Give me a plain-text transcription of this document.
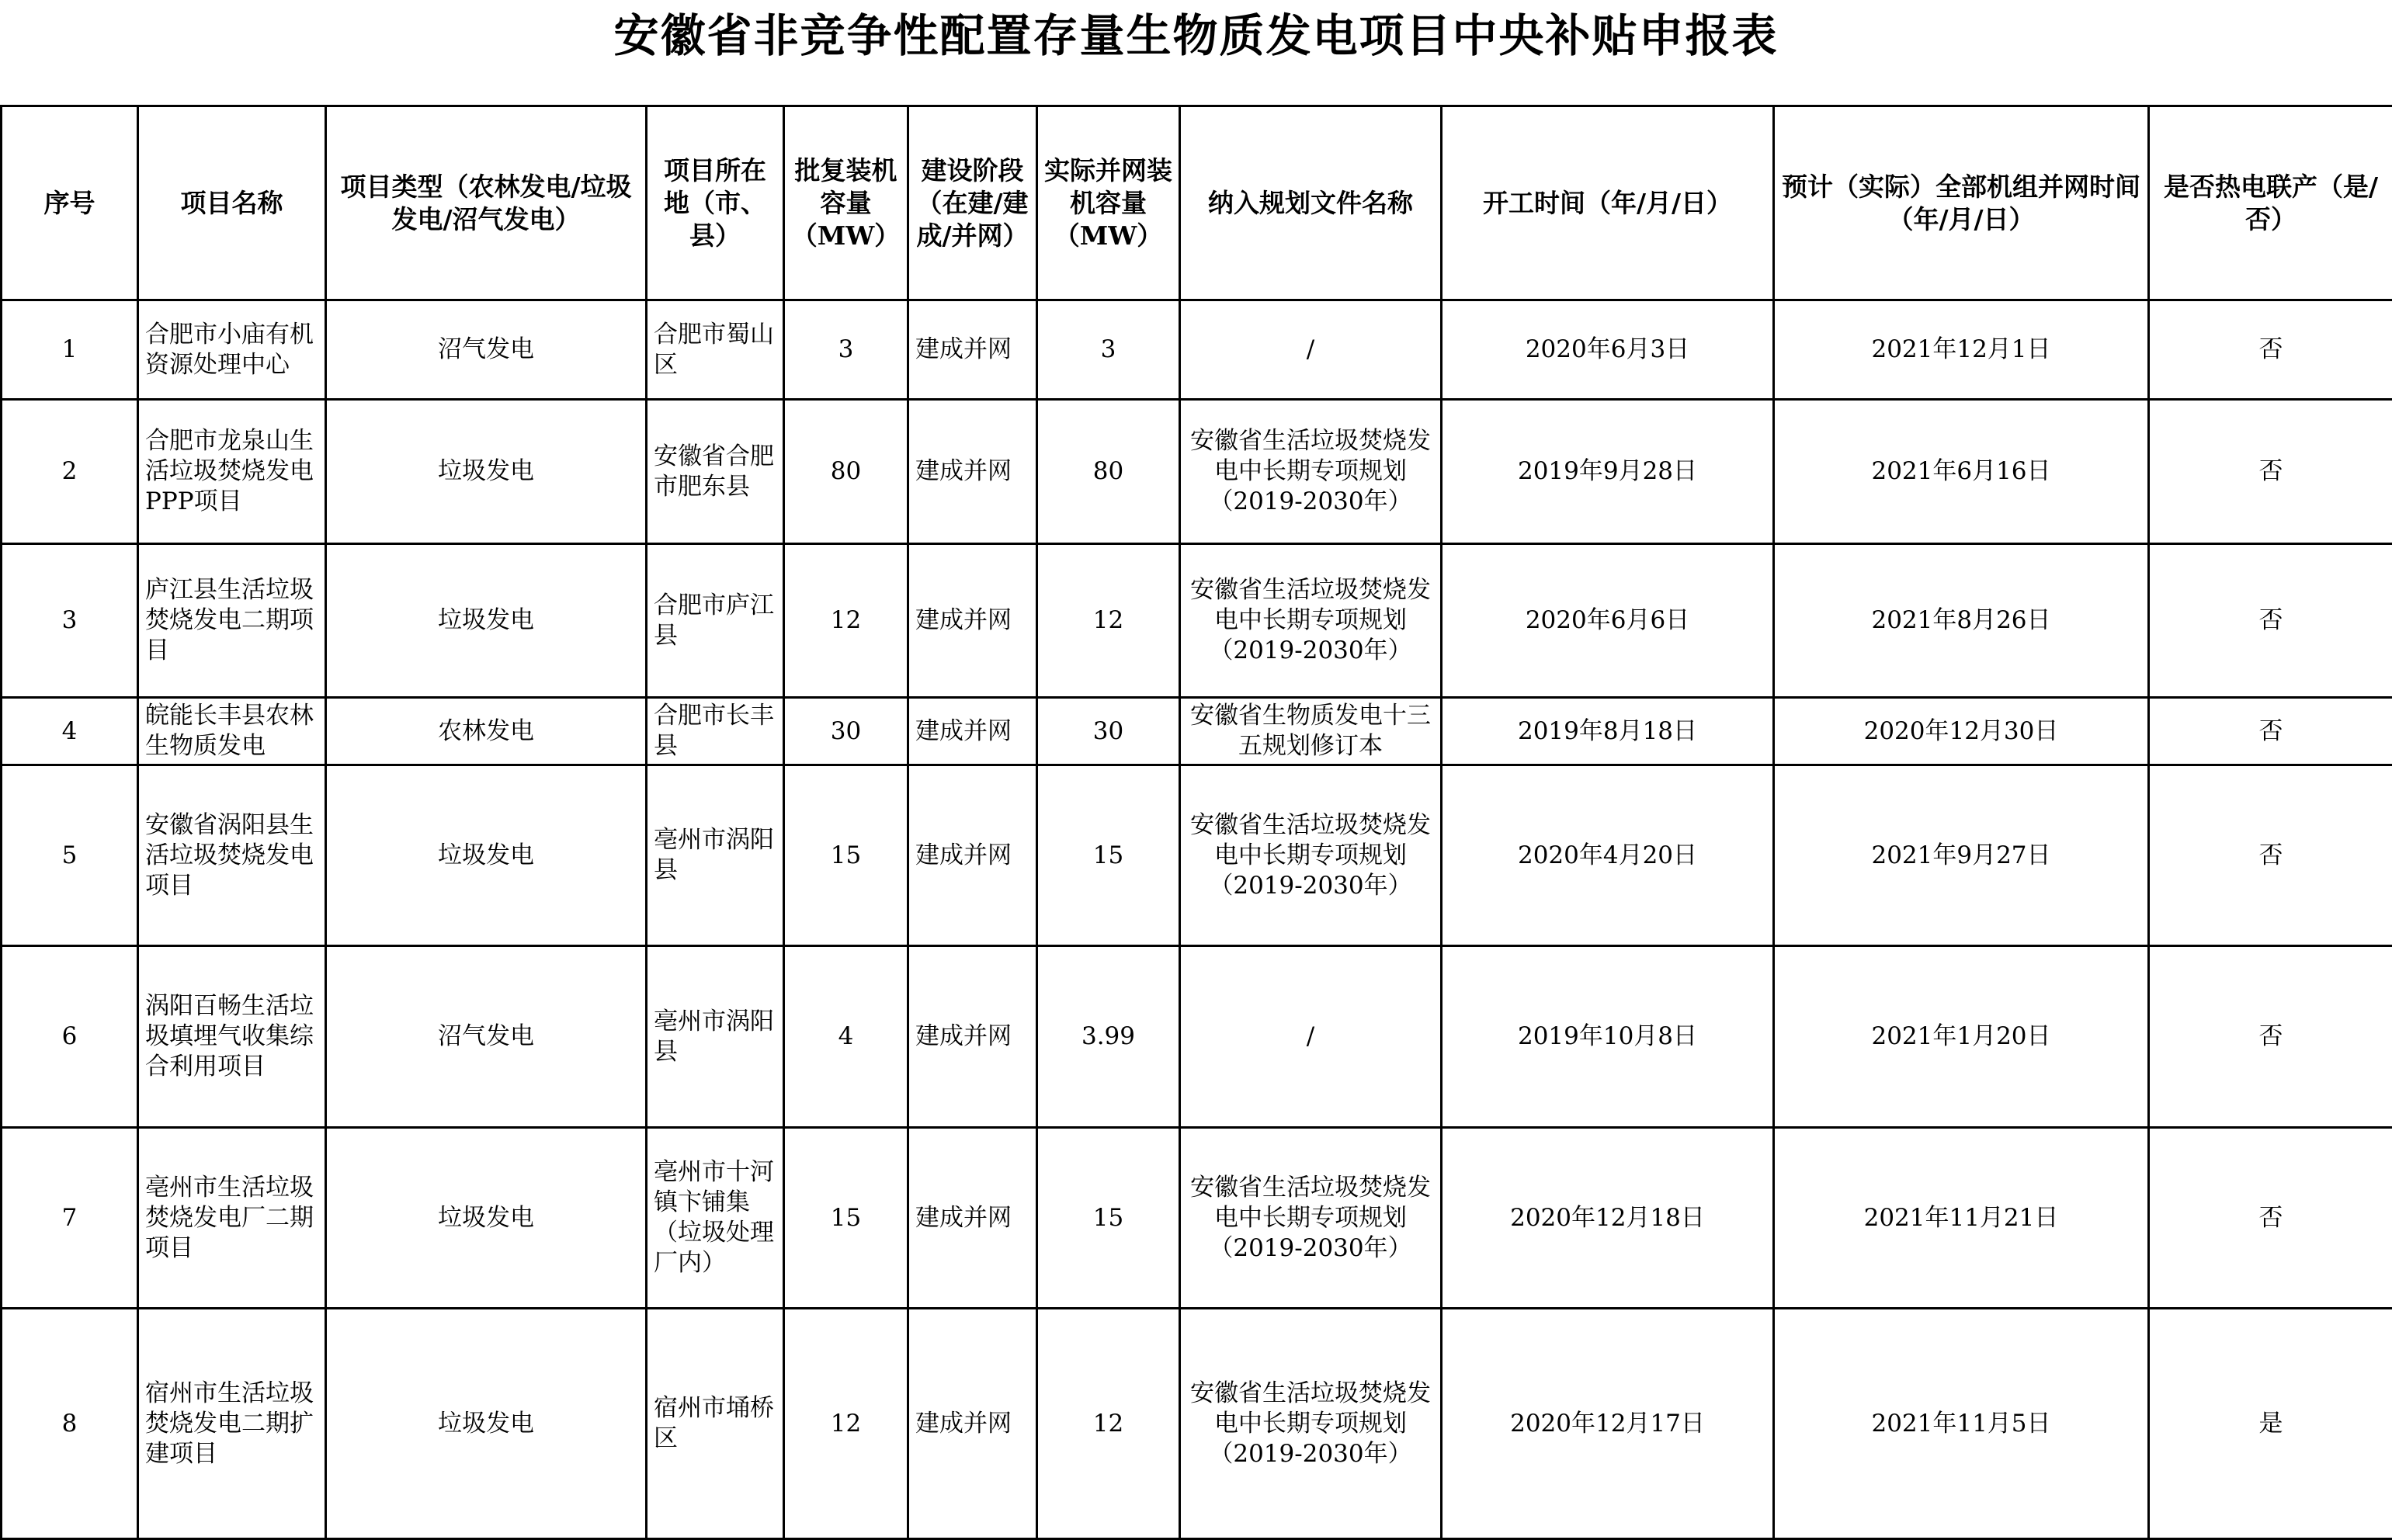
安徽省非竞争性配置存量生物质发电项目中央补贴申报表
序号	项目名称	项目类型（农林发电/垃圾发电/沼气发电）	项目所在地（市、县）	批复装机容量（MW）	建设阶段（在建/建成/并网）	实际并网装机容量（MW）	纳入规划文件名称	开工时间（年/月/日）	预计（实际）全部机组并网时间（年/月/日）	是否热电联产（是/否）
1	合肥市小庙有机资源处理中心	沼气发电	合肥市蜀山区	3	建成并网	3	/	2020年6月3日	2021年12月1日	否
2	合肥市龙泉山生活垃圾焚烧发电PPP项目	垃圾发电	安徽省合肥市肥东县	80	建成并网	80	安徽省生活垃圾焚烧发电中长期专项规划（2019-2030年）	2019年9月28日	2021年6月16日	否
3	庐江县生活垃圾焚烧发电二期项目	垃圾发电	合肥市庐江县	12	建成并网	12	安徽省生活垃圾焚烧发电中长期专项规划（2019-2030年）	2020年6月6日	2021年8月26日	否
4	皖能长丰县农林生物质发电	农林发电	合肥市长丰县	30	建成并网	30	安徽省生物质发电十三五规划修订本	2019年8月18日	2020年12月30日	否
5	安徽省涡阳县生活垃圾焚烧发电项目	垃圾发电	亳州市涡阳县	15	建成并网	15	安徽省生活垃圾焚烧发电中长期专项规划（2019-2030年）	2020年4月20日	2021年9月27日	否
6	涡阳百畅生活垃圾填埋气收集综合利用项目	沼气发电	亳州市涡阳县	4	建成并网	3.99	/	2019年10月8日	2021年1月20日	否
7	亳州市生活垃圾焚烧发电厂二期项目	垃圾发电	亳州市十河镇卞铺集（垃圾处理厂内）	15	建成并网	15	安徽省生活垃圾焚烧发电中长期专项规划（2019-2030年）	2020年12月18日	2021年11月21日	否
8	宿州市生活垃圾焚烧发电二期扩建项目	垃圾发电	宿州市埇桥区	12	建成并网	12	安徽省生活垃圾焚烧发电中长期专项规划（2019-2030年）	2020年12月17日	2021年11月5日	是
